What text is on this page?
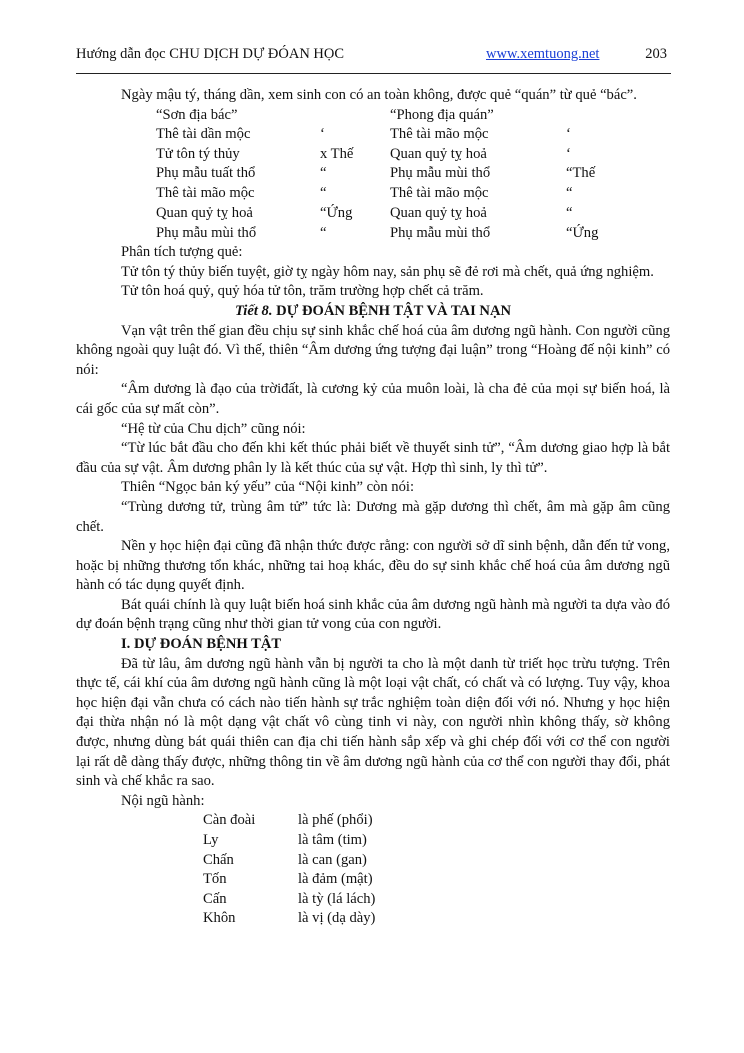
Hướng dẫn đọc CHU DỊCH DỰ ĐÓAN HỌC	www.xemtuong.net	203

Ngày mậu tý, tháng dần, xem sinh con có an toàn không, được quẻ “quán” từ quẻ “bác”.

“Sơn địa bác”	“Phong địa quán”
Thê tài dần mộc	‘	Thê tài mão mộc	‘
Tử tôn tý thủy	x Thế	Quan quỷ tỵ hoả	‘
Phụ mẫu tuất thổ	“	Phụ mẫu mùi thổ	“Thế
Thê tài mão mộc	“	Thê tài mão mộc	“
Quan quỷ tỵ hoả	“Ứng	Quan quỷ tỵ hoả	“
Phụ mẫu mùi thổ	“	Phụ mẫu mùi thổ	“Ứng

Phân tích tượng quẻ:

Tử tôn tý thủy biến tuyệt, giờ tỵ ngày hôm nay, sản phụ sẽ đẻ rơi mà chết, quả ứng nghiệm.

Tử tôn hoá quỷ, quỷ hóa tử tôn, trăm trường hợp chết cả trăm.

Tiết 8. DỰ ĐOÁN BỆNH TẬT VÀ TAI NẠN

Vạn vật trên thế gian đều chịu sự sinh khắc chế hoá của âm dương ngũ hành. Con người cũng không ngoài quy luật đó. Vì thế, thiên “Âm dương ứng tượng đại luận” trong “Hoàng đế nội kinh” có nói:

“Âm dương là đạo của trờiđất, là cương kỷ của muôn loài, là cha đẻ của mọi sự biến hoá, là cái gốc của sự mất còn”.

“Hệ từ của Chu dịch” cũng nói:

“Từ lúc bắt đầu cho đến khi kết thúc phải biết về thuyết sinh tử”, “Âm dương giao hợp là bắt đầu của sự vật. Âm dương phân ly là kết thúc của sự vật. Hợp thì sinh, ly thì tử”.

Thiên “Ngọc bản ký yếu” của “Nội kinh” còn nói:

“Trùng dương tử, trùng âm tử” tức là: Dương mà gặp dương thì chết, âm mà gặp âm cũng chết.

Nền y học hiện đại cũng đã nhận thức được rằng: con người sở dĩ sinh bệnh, dẫn đến tử vong, hoặc bị những thương tổn khác, những tai hoạ khác, đều do sự sinh khắc chế hoá của âm dương ngũ hành có tác dụng quyết định.

Bát quái chính là quy luật biến hoá sinh khắc của âm dương ngũ hành mà người ta dựa vào đó dự đoán bệnh trạng cũng như thời gian tử vong của con người.

I. DỰ ĐOÁN BỆNH TẬT

Đã từ lâu, âm dương ngũ hành vẫn bị người ta cho là một danh từ triết học trừu tượng. Trên thực tế, cái khí của âm dương ngũ hành cũng là một loại vật chất, có chất và có lượng. Tuy vậy, khoa học hiện đại vẫn chưa có cách nào tiến hành sự trắc nghiệm toàn diện đối với nó. Nhưng y học hiện đại thừa nhận nó là một dạng vật chất vô cùng tinh vi này, con người nhìn không thấy, sờ không được, nhưng dùng bát quái thiên can địa chi tiến hành sắp xếp và ghi chép đối với cơ thể con người lại rất dễ dàng thấy được, những thông tin về âm dương ngũ hành của cơ thể con người thay đổi, phát sinh và chế khắc ra sao.

Nội ngũ hành:

Càn đoài	là phế (phổi)
Ly	là tâm (tim)
Chấn	là can (gan)
Tốn	là đảm (mật)
Cấn	là tỳ (lá lách)
Khôn	là vị (dạ dày)
